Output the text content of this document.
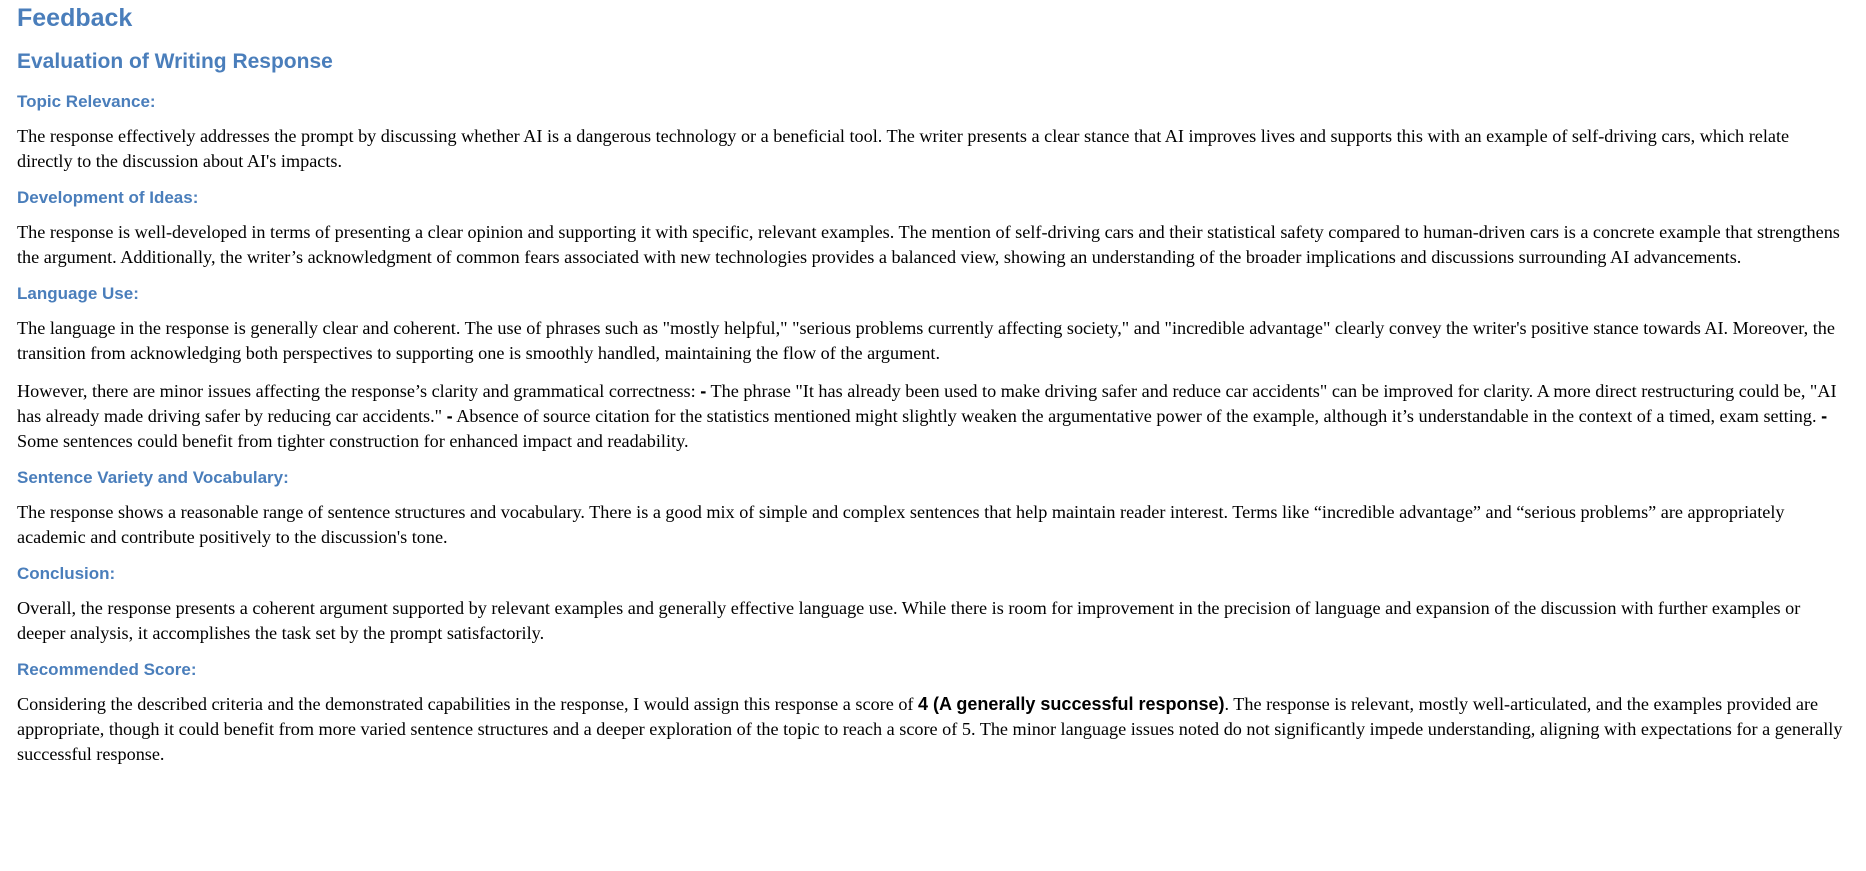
Feedback
Evaluation of Writing Response
Topic Relevance:

The response effectively addresses the prompt by discussing whether AI is a dangerous technology or a beneficial tool. The writer presents a clear stance that AI improves lives and supports this with an example of self-driving cars, which relate directly to the discussion about AI's impacts.

Development of Ideas:

The response is well-developed in terms of presenting a clear opinion and supporting it with specific, relevant examples. The mention of self-driving cars and their statistical safety compared to human-driven cars is a concrete example that strengthens the argument. Additionally, the writer’s acknowledgment of common fears associated with new technologies provides a balanced view, showing an understanding of the broader implications and discussions surrounding AI advancements.

Language Use:

The language in the response is generally clear and coherent. The use of phrases such as "mostly helpful," "serious problems currently affecting society," and "incredible advantage" clearly convey the writer's positive stance towards AI. Moreover, the transition from acknowledging both perspectives to supporting one is smoothly handled, maintaining the flow of the argument.

However, there are minor issues affecting the response’s clarity and grammatical correctness: - The phrase "It has already been used to make driving safer and reduce car accidents" can be improved for clarity. A more direct restructuring could be, "AI has already made driving safer by reducing car accidents." - Absence of source citation for the statistics mentioned might slightly weaken the argumentative power of the example, although it’s understandable in the context of a timed, exam setting. - Some sentences could benefit from tighter construction for enhanced impact and readability.

Sentence Variety and Vocabulary:

The response shows a reasonable range of sentence structures and vocabulary. There is a good mix of simple and complex sentences that help maintain reader interest. Terms like “incredible advantage” and “serious problems” are appropriately academic and contribute positively to the discussion's tone.

Conclusion:

Overall, the response presents a coherent argument supported by relevant examples and generally effective language use. While there is room for improvement in the precision of language and expansion of the discussion with further examples or deeper analysis, it accomplishes the task set by the prompt satisfactorily.

Recommended Score:

Considering the described criteria and the demonstrated capabilities in the response, I would assign this response a score of 4 (A generally successful response). The response is relevant, mostly well-articulated, and the examples provided are appropriate, though it could benefit from more varied sentence structures and a deeper exploration of the topic to reach a score of 5. The minor language issues noted do not significantly impede understanding, aligning with expectations for a generally successful response.
